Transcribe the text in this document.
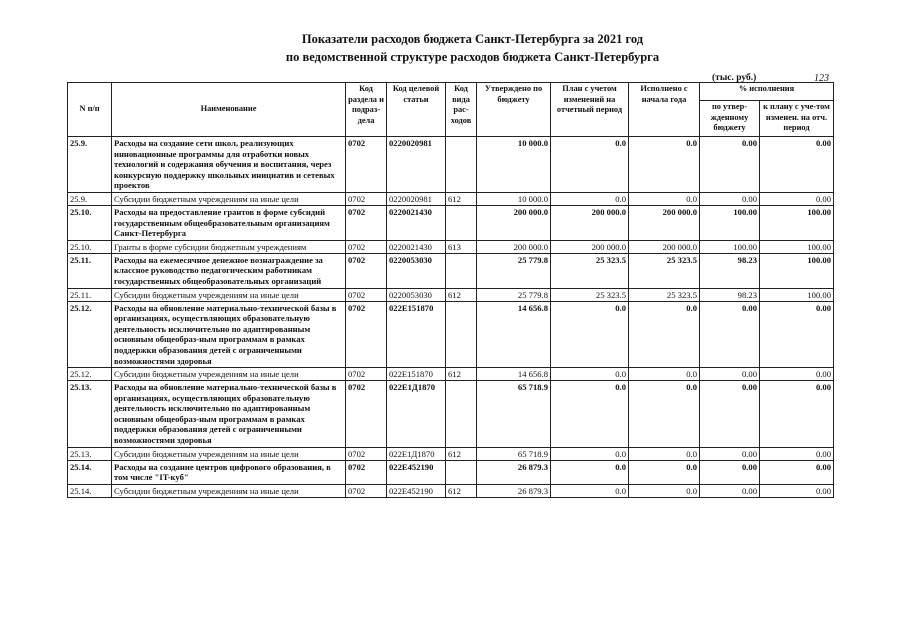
Показатели расходов бюджета Санкт-Петербурга за 2021 год
по ведомственной структуре расходов бюджета Санкт-Петербурга
(тыс. руб.)	123
N п/п	Наименование	Код раздела и подраз-дела	Код целевой статьи	Код вида рас-ходов	Утверждено по бюджету	План с учетом изменений на отчетный период	Исполнено с начала года	% исполнения	
								по утвер-жденному бюджету	к плану с уче-том изменен. на отч. период
25.9.	Расходы на создание сети школ, реализующих инновационные программы для отработки новых технологий и содержания обучения и воспитания, через конкурсную поддержку школьных инициатив и сетевых проектов	0702	0220020981		10 000.0	0.0	0.0	0.00	0.00
25.9.	Субсидии бюджетным учреждениям на иные цели	0702	0220020981	612	10 000.0	0.0	0.0	0.00	0.00
25.10.	Расходы на предоставление грантов в форме субсидий государственным общеобразовательным организациям Санкт-Петербурга	0702	0220021430		200 000.0	200 000.0	200 000.0	100.00	100.00
25.10.	Гранты в форме субсидии бюджетным учреждениям	0702	0220021430	613	200 000.0	200 000.0	200 000.0	100.00	100.00
25.11.	Расходы на ежемесячное денежное вознаграждение за классное руководство педагогическим работникам государственных общеобразовательных организаций	0702	0220053030		25 779.8	25 323.5	25 323.5	98.23	100.00
25.11.	Субсидии бюджетным учреждениям на иные цели	0702	0220053030	612	25 779.8	25 323.5	25 323.5	98.23	100.00
25.12.	Расходы на обновление материально-технической базы в организациях, осуществляющих образовательную деятельность исключительно по адаптированным основным общеобраз-ным программам в рамках поддержки образования детей с ограниченными возможностями здоровья	0702	022E151870		14 656.8	0.0	0.0	0.00	0.00
25.12.	Субсидии бюджетным учреждениям на иные цели	0702	022E151870	612	14 656.8	0.0	0.0	0.00	0.00
25.13.	Расходы на обновление материально-технической базы в организациях, осуществляющих образовательную деятельность исключительно по адаптированным основным общеобраз-ным программам в рамках поддержки образования детей с ограниченными возможностями здоровья	0702	022E1Д1870		65 718.9	0.0	0.0	0.00	0.00
25.13.	Субсидии бюджетным учреждениям на иные цели	0702	022E1Д1870	612	65 718.9	0.0	0.0	0.00	0.00
25.14.	Расходы на создание центров цифрового образования, в том числе "IT-куб"	0702	022E452190		26 879.3	0.0	0.0	0.00	0.00
25.14.	Субсидии бюджетным учреждениям на иные цели	0702	022E452190	612	26 879.3	0.0	0.0	0.00	0.00
